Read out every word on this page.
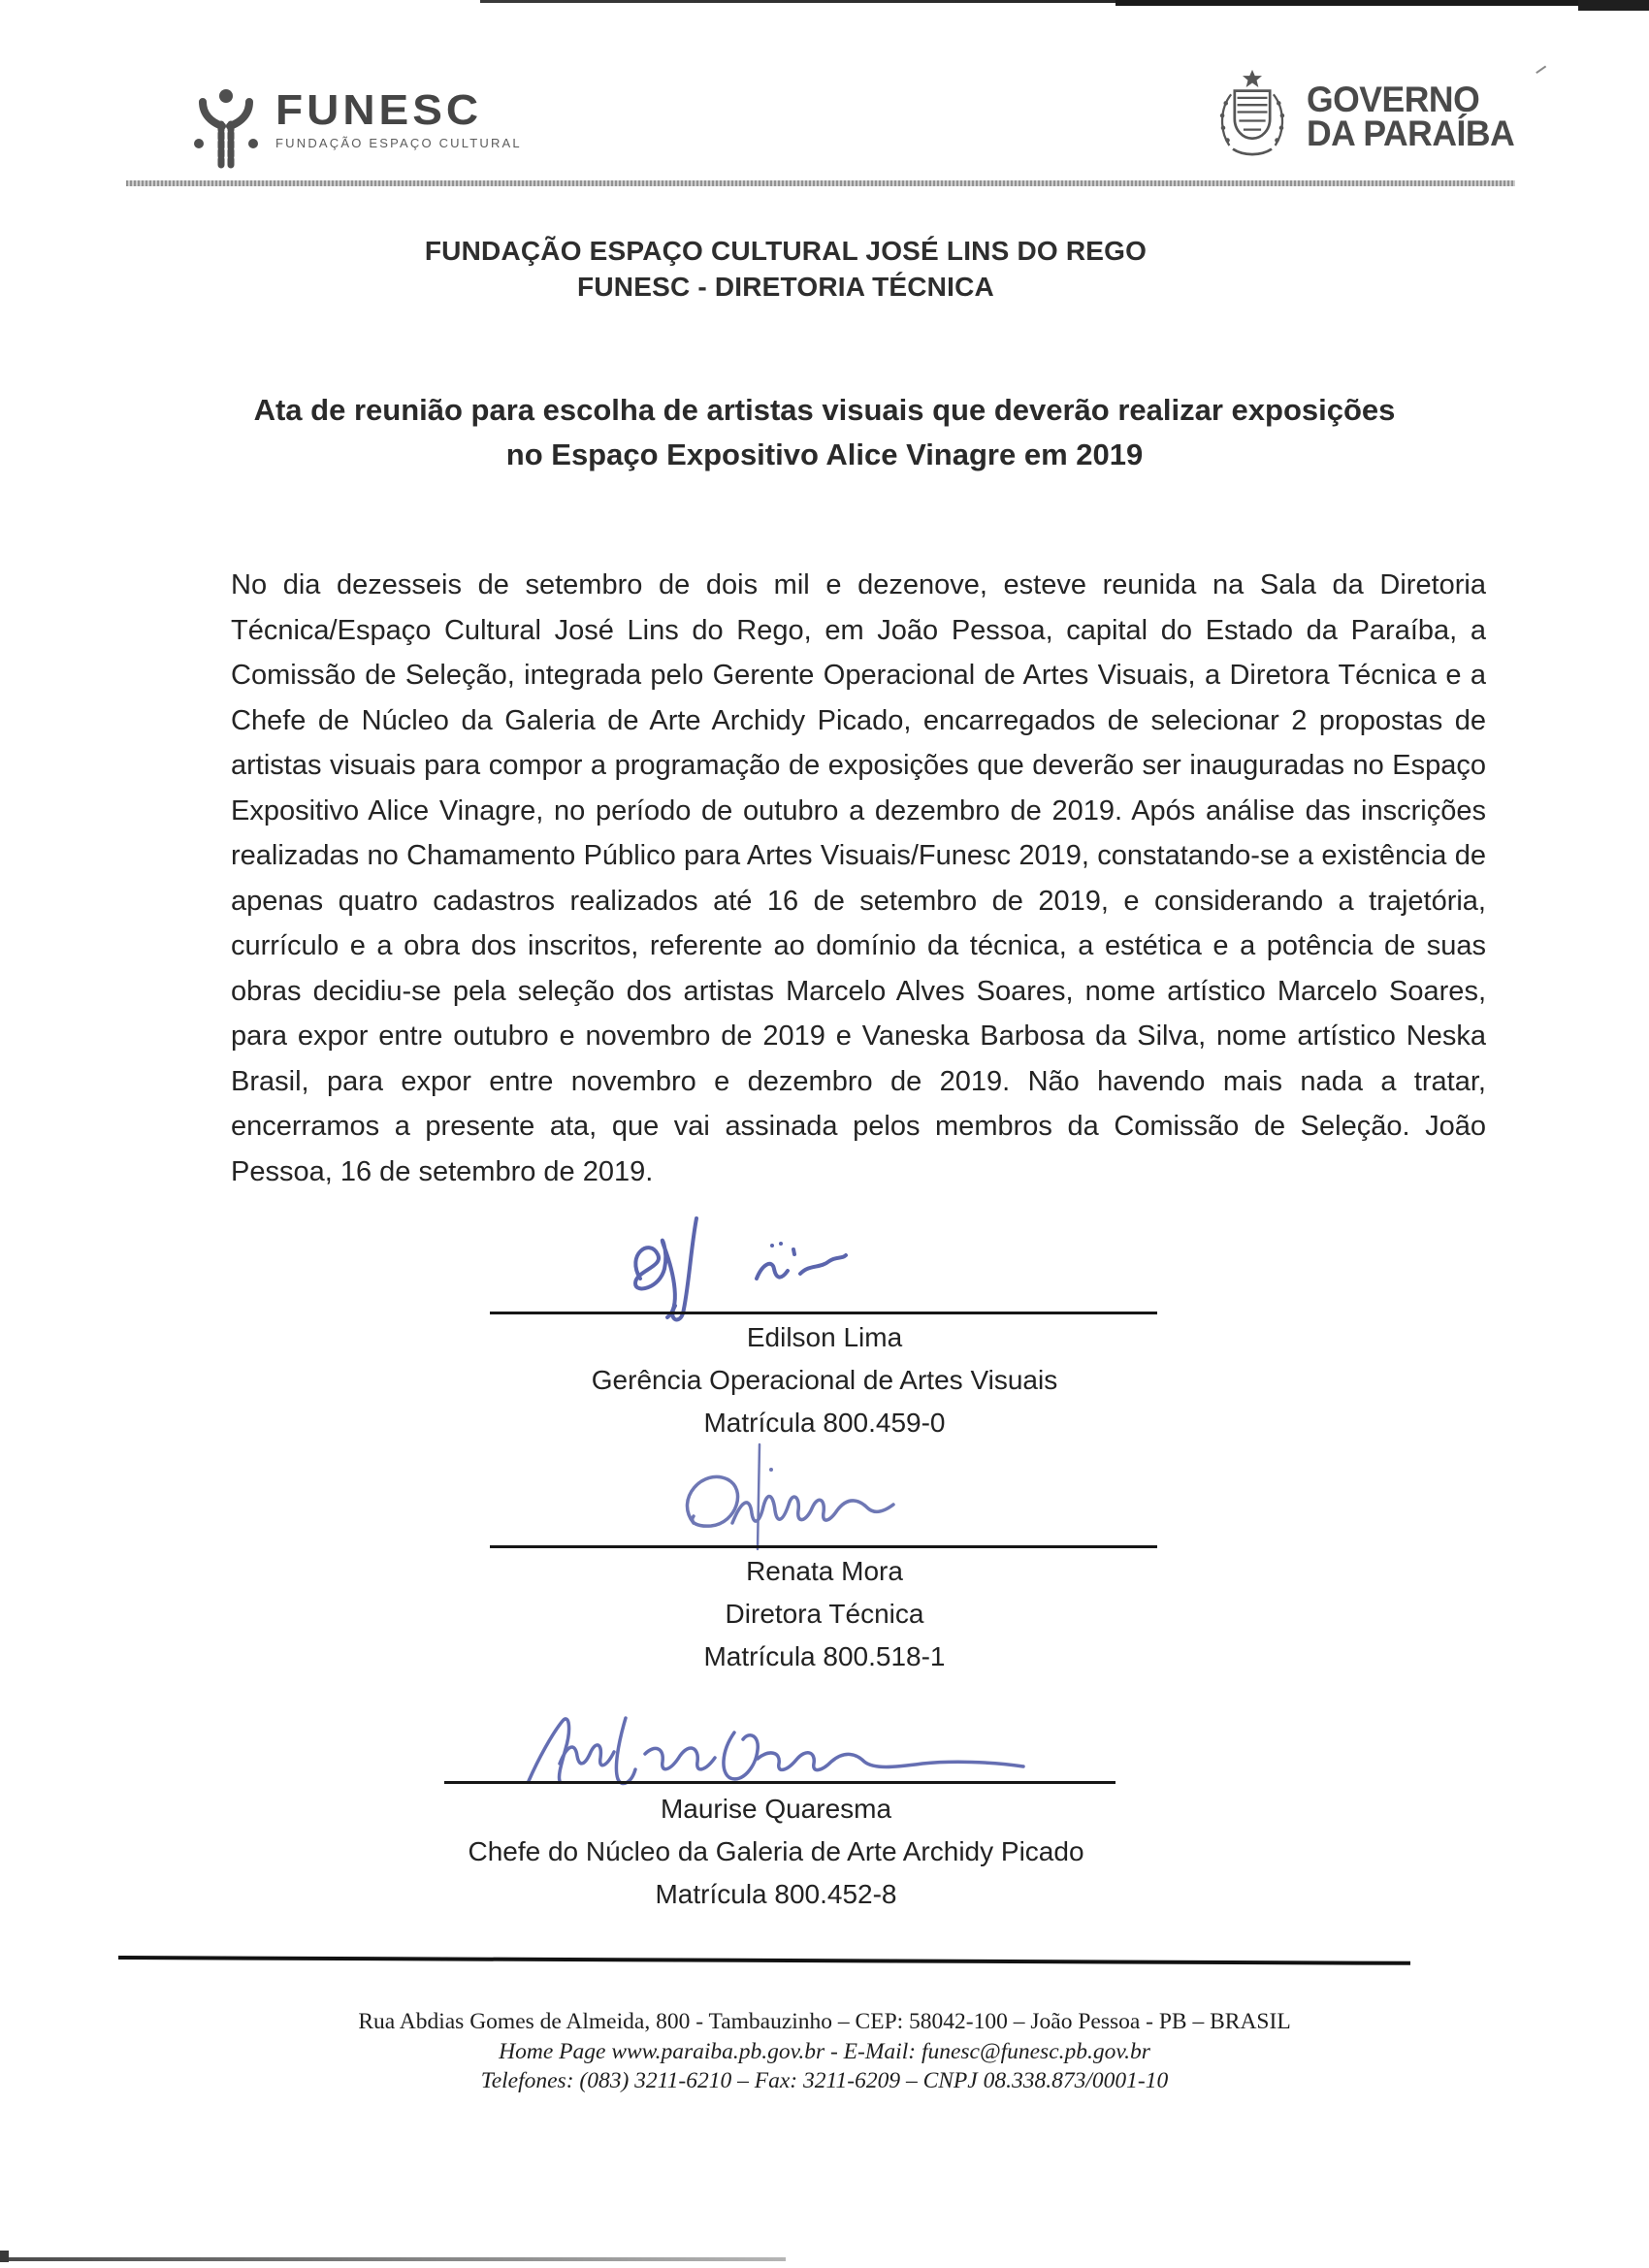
FUNESC
FUNDAÇÃO ESPAÇO CULTURAL
GOVERNO
DA PARAÍBA
FUNDAÇÃO ESPAÇO CULTURAL JOSÉ LINS DO REGO
FUNESC - DIRETORIA TÉCNICA
Ata de reunião para escolha de artistas visuais que deverão realizar exposições
no Espaço Expositivo Alice Vinagre em 2019
No dia dezesseis de setembro de dois mil e dezenove, esteve reunida na Sala da Diretoria Técnica/Espaço Cultural José Lins do Rego, em João Pessoa, capital do Estado da Paraíba, a Comissão de Seleção, integrada pelo Gerente Operacional de Artes Visuais, a Diretora Técnica e a Chefe de Núcleo da Galeria de Arte Archidy Picado, encarregados de selecionar 2 propostas de artistas visuais para compor a programação de exposições que deverão ser inauguradas no Espaço Expositivo Alice Vinagre, no período de outubro a dezembro de 2019. Após análise das inscrições realizadas no Chamamento Público para Artes Visuais/Funesc 2019, constatando-se a existência de apenas quatro cadastros realizados até 16 de setembro de 2019, e considerando a trajetória, currículo e a obra dos inscritos, referente ao domínio da técnica, a estética e a potência de suas obras decidiu-se pela seleção dos artistas Marcelo Alves Soares, nome artístico Marcelo Soares, para expor entre outubro e novembro de 2019 e Vaneska Barbosa da Silva, nome artístico Neska Brasil, para expor entre novembro e dezembro de 2019. Não havendo mais nada a tratar, encerramos a presente ata, que vai assinada pelos membros da Comissão de Seleção. João Pessoa, 16 de setembro de 2019.
Edilson Lima
Gerência Operacional de Artes Visuais
Matrícula 800.459-0
Renata Mora
Diretora Técnica
Matrícula 800.518-1
Maurise Quaresma
Chefe do Núcleo da Galeria de Arte Archidy Picado
Matrícula 800.452-8
Rua Abdias Gomes de Almeida, 800 - Tambauzinho – CEP: 58042-100 – João Pessoa - PB – BRASIL
Home Page www.paraiba.pb.gov.br - E-Mail: funesc@funesc.pb.gov.br
Telefones: (083) 3211-6210 – Fax: 3211-6209 – CNPJ 08.338.873/0001-10
